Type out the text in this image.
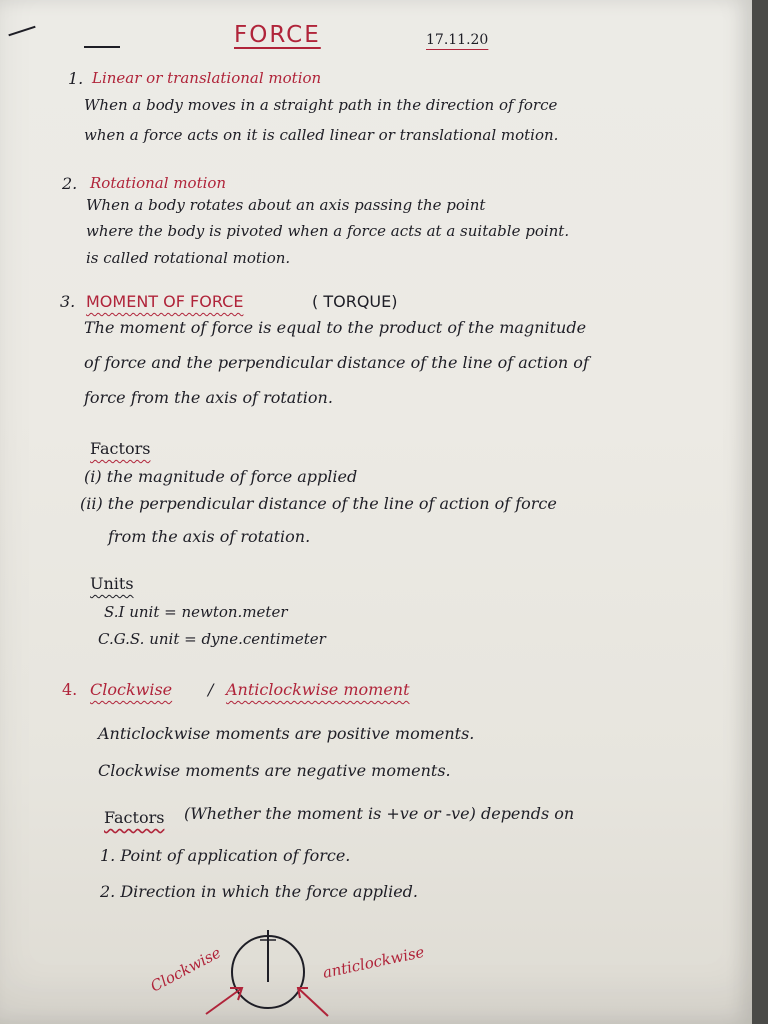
FORCE	17.11.20
1. Linear or translational motion
When a body moves in a straight path in the direction of force
when a force acts on it is called linear or translational motion.
2. Rotational motion
When a body rotates about an axis passing the point
where the body is pivoted when a force acts at a suitable point.
is called rotational motion.
3. MOMENT OF FORCE	( TORQUE)
The moment of force is equal to the product of the magnitude
of force and the perpendicular distance of the line of action of
force from the axis of rotation.
Factors
(i) the magnitude of force applied
(ii) the perpendicular distance of the line of action of force
from the axis of rotation.
Units
S.I unit = newton.meter
C.G.S. unit = dyne.centimeter
4. Clockwise / Anticlockwise moment
Anticlockwise moments are positive moments.
Clockwise moments are negative moments.
Factors (Whether the moment is +ve or -ve) depends on
1. Point of application of force.
2. Direction in which the force applied.
Clockwise	anticlockwise
